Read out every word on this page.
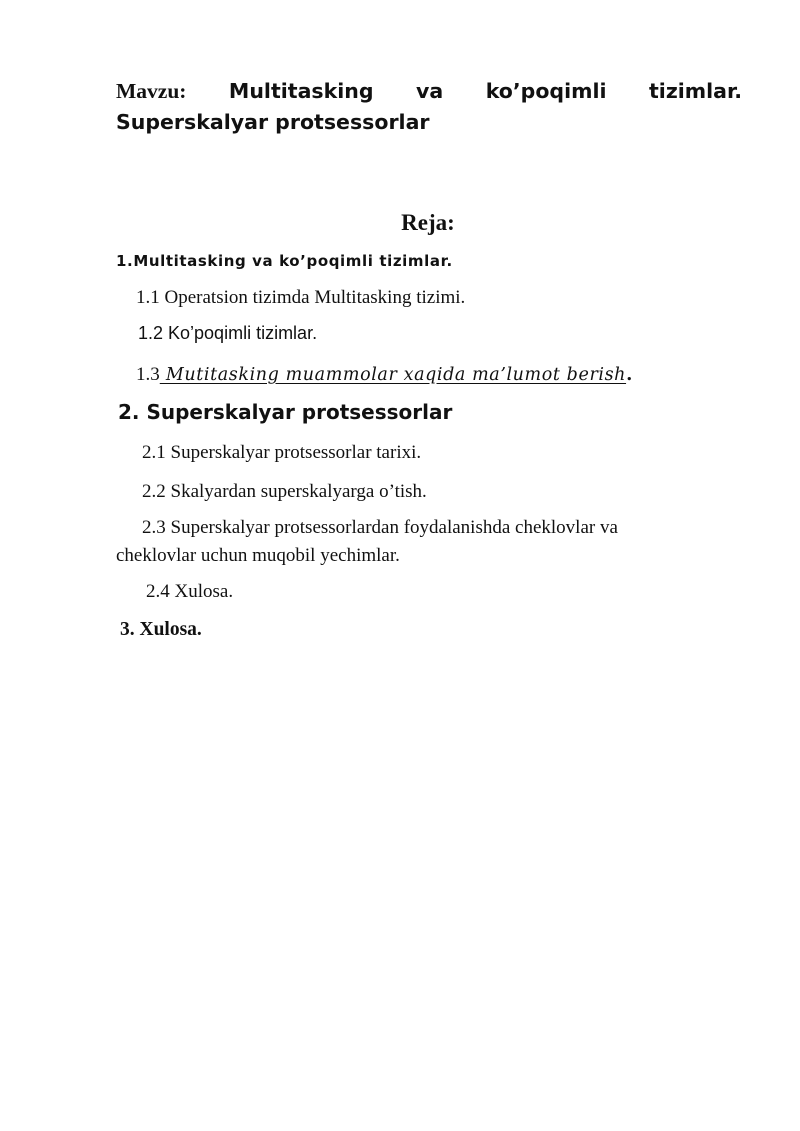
Mavzu: Multitasking va ko’poqimli tizimlar. Superskalyar protsessorlar
Reja:
1.Multitasking va ko’poqimli tizimlar.
1.1 Operatsion tizimda Multitasking tizimi.
1.2 Ko’poqimli tizimlar.
1.3 Mutitasking muammolar xaqida ma’lumot berish.
2. Superskalyar protsessorlar
2.1 Superskalyar protsessorlar tarixi.
2.2 Skalyardan superskalyarga o’tish.
2.3 Superskalyar protsessorlardan foydalanishda cheklovlar va
cheklovlar uchun muqobil yechimlar.
2.4 Xulosa.
3. Xulosa.
